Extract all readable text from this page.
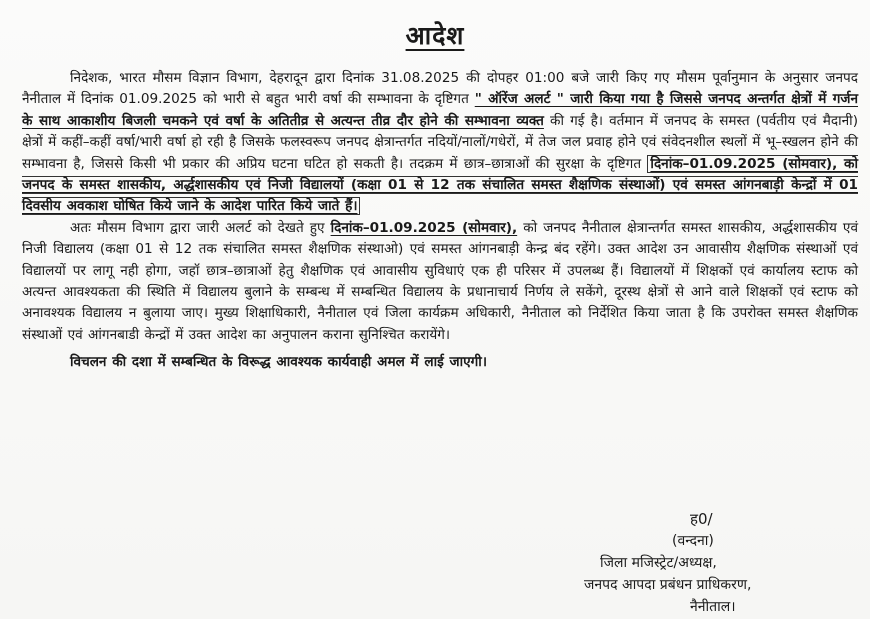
आदेश

निदेशक, भारत मौसम विज्ञान विभाग, देहरादून द्वारा दिनांक 31.08.2025 की दोपहर 01:00 बजे जारी किए गए मौसम पूर्वानुमान के अनुसार जनपद नैनीताल में दिनांक 01.09.2025 को भारी से बहुत भारी वर्षा की सम्भावना के दृष्टिगत " ऑरेंज अलर्ट " जारी किया गया है जिससे जनपद अन्तर्गत क्षेत्रों में गर्जन के साथ आकाशीय बिजली चमकने एवं वर्षा के अतितीव्र से अत्यन्त तीव्र दौर होने की सम्भावना व्यक्त की गई है। वर्तमान में जनपद के समस्त (पर्वतीय एवं मैदानी) क्षेत्रों में कहीं–कहीं वर्षा/भारी वर्षा हो रही है जिसके फलस्वरूप जनपद क्षेत्रान्तर्गत नदियों/नालों/गधेरों, में तेज जल प्रवाह होने एवं संवेदनशील स्थलों में भू–स्खलन होने की सम्भावना है, जिससे किसी भी प्रकार की अप्रिय घटना घटित हो सकती है। तदक्रम में छात्र–छात्राओं की सुरक्षा के दृष्टिगत दिनांक–01.09.2025 (सोमवार), को जनपद के समस्त शासकीय, अर्द्धशासकीय एवं निजी विद्यालयों (कक्षा 01 से 12 तक संचालित समस्त शैक्षणिक संस्थाओं) एवं समस्त आंगनबाड़ी केन्द्रों में 01 दिवसीय अवकाश घोषित किये जाने के आदेश पारित किये जाते हैं।

अतः मौसम विभाग द्वारा जारी अलर्ट को देखते हुए दिनांक–01.09.2025 (सोमवार), को जनपद नैनीताल क्षेत्रान्तर्गत समस्त शासकीय, अर्द्धशासकीय एवं निजी विद्यालय (कक्षा 01 से 12 तक संचालित समस्त शैक्षणिक संस्थाओ) एवं समस्त आंगनबाड़ी केन्द्र बंद रहेंगे। उक्त आदेश उन आवासीय शैक्षणिक संस्थाओं एवं विद्यालयों पर लागू नही होगा, जहॉ छात्र–छात्राओं हेतु शैक्षणिक एवं आवासीय सुविधाएं एक ही परिसर में उपलब्ध हैं। विद्यालयों में शिक्षकों एवं कार्यालय स्टाफ को अत्यन्त आवश्यकता की स्थिति में विद्यालय बुलाने के सम्बन्ध में सम्बन्धित विद्यालय के प्रधानाचार्य निर्णय ले सकेंगे, दूरस्थ क्षेत्रों से आने वाले शिक्षकों एवं स्टाफ को अनावश्यक विद्यालय न बुलाया जाए। मुख्य शिक्षाधिकारी, नैनीताल एवं जिला कार्यक्रम अधिकारी, नैनीताल को निर्देशित किया जाता है कि उपरोक्त समस्त शैक्षणिक संस्थाओं एवं आंगनबाडी केन्द्रों में उक्त आदेश का अनुपालन कराना सुनिश्चित करायेंगे।

विचलन की दशा में सम्बन्धित के विरूद्ध आवश्यक कार्यवाही अमल में लाई जाएगी।

ह0/
(वन्दना)
जिला मजिस्ट्रेट/अध्यक्ष,
जनपद आपदा प्रबंधन प्राधिकरण,
नैनीताल।
